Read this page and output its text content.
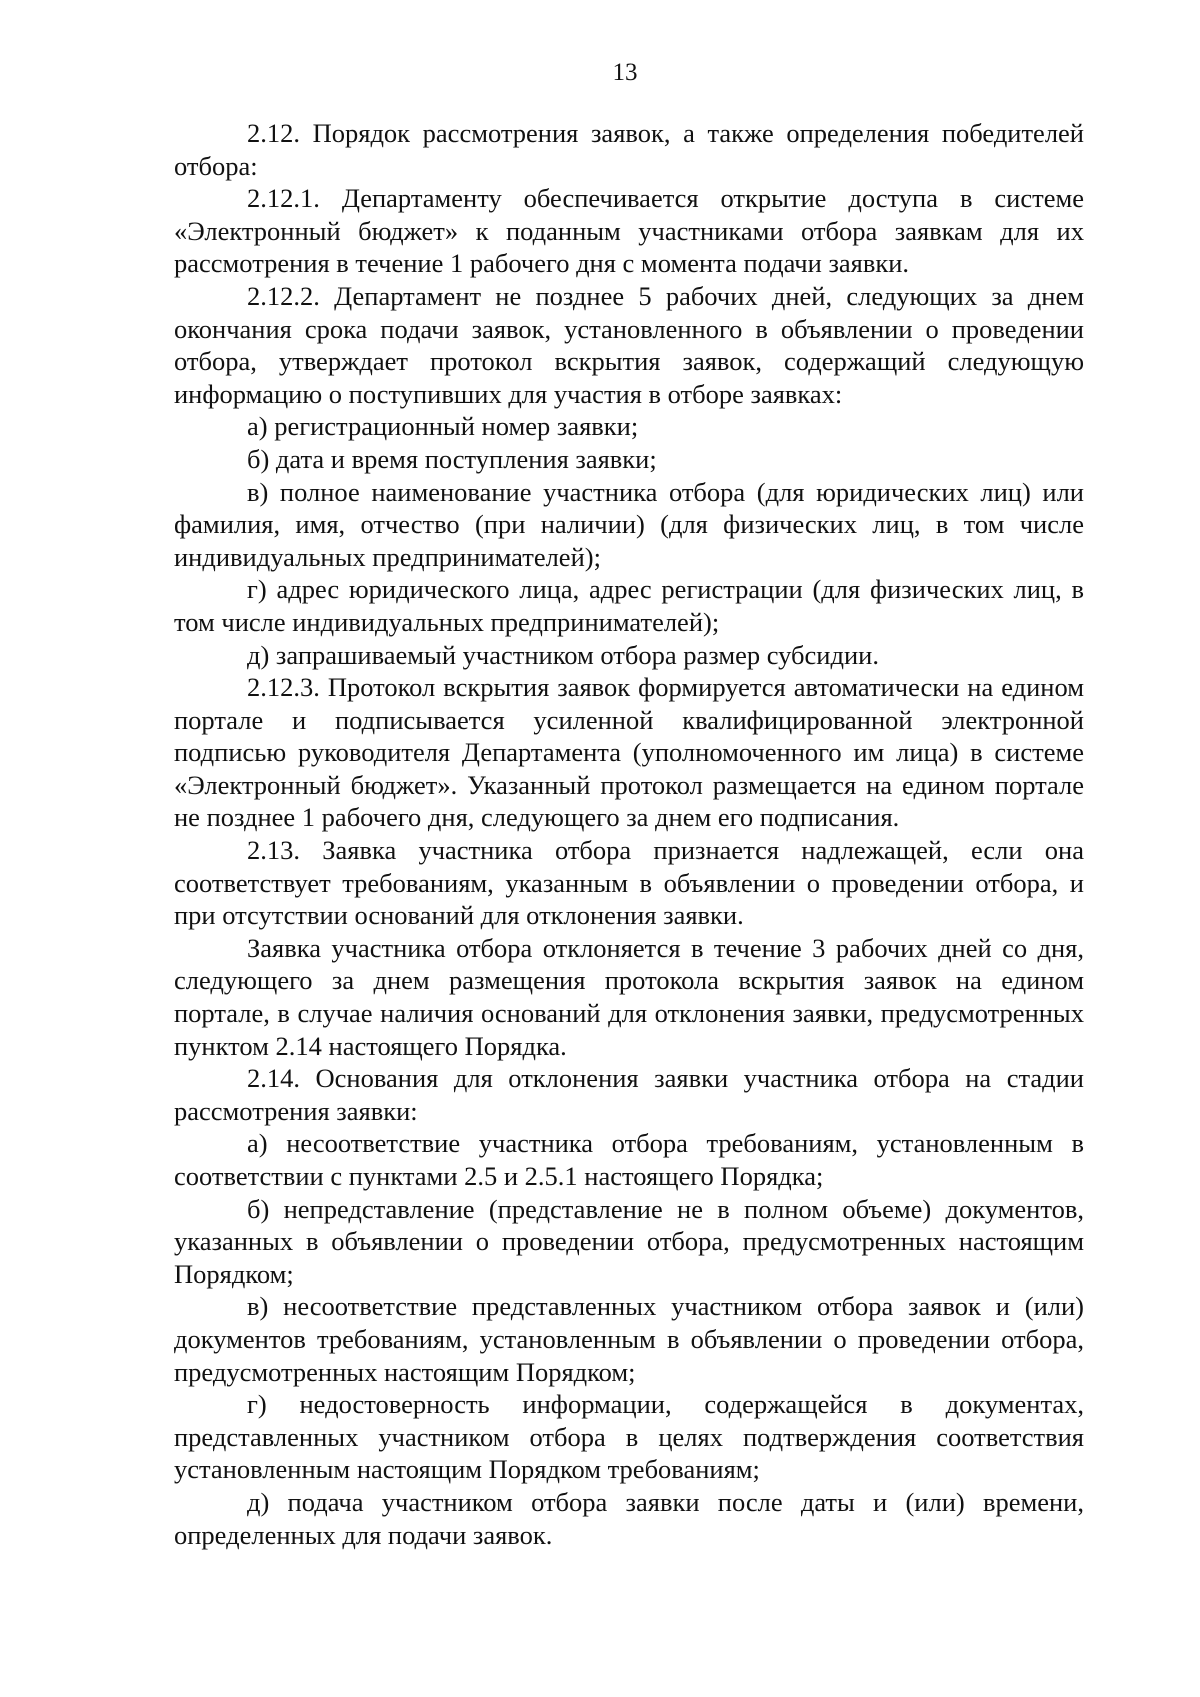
13

2.12. Порядок рассмотрения заявок, а также определения победителей отбора:

2.12.1. Департаменту обеспечивается открытие доступа в системе «Электронный бюджет» к поданным участниками отбора заявкам для их рассмотрения в течение 1 рабочего дня с момента подачи заявки.

2.12.2. Департамент не позднее 5 рабочих дней, следующих за днем окончания срока подачи заявок, установленного в объявлении о проведении отбора, утверждает протокол вскрытия заявок, содержащий следующую информацию о поступивших для участия в отборе заявках:

а) регистрационный номер заявки;

б) дата и время поступления заявки;

в) полное наименование участника отбора (для юридических лиц) или фамилия, имя, отчество (при наличии) (для физических лиц, в том числе индивидуальных предпринимателей);

г) адрес юридического лица, адрес регистрации (для физических лиц, в том числе индивидуальных предпринимателей);

д) запрашиваемый участником отбора размер субсидии.

2.12.3. Протокол вскрытия заявок формируется автоматически на едином портале и подписывается усиленной квалифицированной электронной подписью руководителя Департамента (уполномоченного им лица) в системе «Электронный бюджет». Указанный протокол размещается на едином портале не позднее 1 рабочего дня, следующего за днем его подписания.

2.13. Заявка участника отбора признается надлежащей, если она соответствует требованиям, указанным в объявлении о проведении отбора, и при отсутствии оснований для отклонения заявки.

Заявка участника отбора отклоняется в течение 3 рабочих дней со дня, следующего за днем размещения протокола вскрытия заявок на едином портале, в случае наличия оснований для отклонения заявки, предусмотренных пунктом 2.14 настоящего Порядка.

2.14. Основания для отклонения заявки участника отбора на стадии рассмотрения заявки:

а) несоответствие участника отбора требованиям, установленным в соответствии с пунктами 2.5 и 2.5.1 настоящего Порядка;

б) непредставление (представление не в полном объеме) документов, указанных в объявлении о проведении отбора, предусмотренных настоящим Порядком;

в) несоответствие представленных участником отбора заявок и (или) документов требованиям, установленным в объявлении о проведении отбора, предусмотренных настоящим Порядком;

г) недостоверность информации, содержащейся в документах, представленных участником отбора в целях подтверждения соответствия установленным настоящим Порядком требованиям;

д) подача участником отбора заявки после даты и (или) времени, определенных для подачи заявок.
